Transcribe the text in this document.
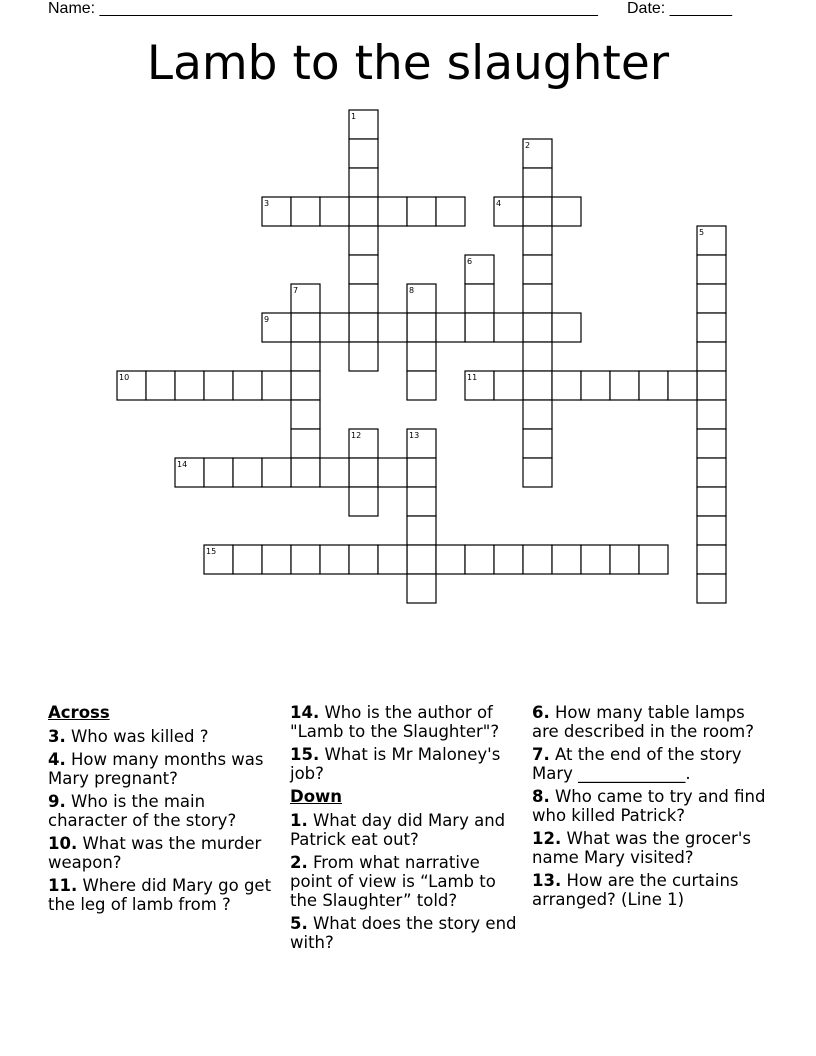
Name: ________________________________________________________ Date: _______
Lamb to the slaughter
1
2
3	4
5
6
7	8
9
10	11
12	13
14
15
Across
3. Who was killed ?
4. How many months was Mary pregnant?
9. Who is the main character of the story?
10. What was the murder weapon?
11. Where did Mary go get the leg of lamb from ?
14. Who is the author of "Lamb to the Slaughter"?
15. What is Mr Maloney's job?
Down
1. What day did Mary and Patrick eat out?
2. From what narrative point of view is “Lamb to the Slaughter” told?
5. What does the story end with?
6. How many table lamps are described in the room?
7. At the end of the story Mary _____________.
8. Who came to try and find who killed Patrick?
12. What was the grocer's name Mary visited?
13. How are the curtains arranged? (Line 1)
